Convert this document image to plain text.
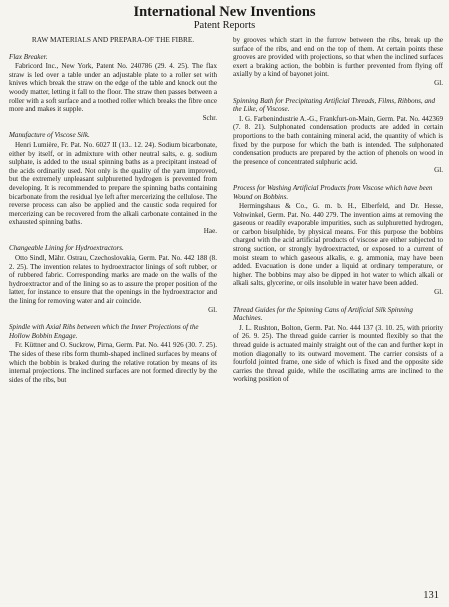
International New Inventions
Patent Reports
RAW MATERIALS AND PREPARA‐OF THE FIBRE.
Flax Breaker.

Fabricord Inc., New York, Patent No. 240786 (29. 4. 25). The flax straw is led over a table under an adjustable plate to a roller set with knives which break the straw on the edge of the table and knock out the woody matter, letting it fall to the floor. The straw then passes between a roller with a soft surface and a toothed roller which breaks the fibre once more and makes it supple.
Schr.

Manufacture of Viscose Silk.

Henri Lumière, Fr. Pat. No. 6027 II (13.. 12. 24). Sodium bicarbonate, either by itself, or in admixture with other neutral salts, e. g. sodium sulphate, is added to the usual spinning baths as a precipitant instead of the acids ordinarily used. Not only is the quality of the yarn improved, but the extremely unpleasant sulphuretted hydrogen is prevented from developing. It is recommended to prepare the spinning baths containing bicarbonate from the residual lye left after mercerizing the cellulose. The reverse process can also be applied and the caustic soda required for mercerizing can be recovered from the alkali carbonate contained in the exhausted spinning baths.
Hae.

Changeable Lining for Hydroextractors.

Otto Sindl, Mähr. Ostrau, Czechoslovakia, Germ. Pat. No. 442 188 (8. 2. 25). The invention relates to hydroextractor linings of soft rubber, or of rubbered fabric. Corresponding marks are made on the walls of the hydroextractor and of the lining so as to assure the proper position of the latter, for instance to ensure that the openings in the hydroextractor and the lining for removing water and air coincide.
Gl.

Spindle with Axial Ribs between which the Inner Projections of the Hollow Bobbin Engage.

Fr. Küttner and O. Suckrow, Pirna, Germ. Pat. No. 441 926 (30. 7. 25). The sides of these ribs form thumb-shaped inclined surfaces by means of which the bobbin is braked during the relative rotation by means of its internal projections. The inclined surfaces are not formed directly by the sides of the ribs, but

by grooves which start in the furrow between the ribs, break up the surface of the ribs, and end on the top of them. At certain points these grooves are provided with projections, so that when the inclined surfaces exert a braking action, the bobbin is further prevented from flying off axially by a kind of bayonet joint.
Gl.

Spinning Bath for Precipitating Artificial Threads, Films, Ribbons, and the Like, of Viscose.

I. G. Farbenindustrie A.-G., Frankfurt-on-Main, Germ. Pat. No. 442369 (7. 8. 21). Sulphonated condensation products are added in certain proportions to the bath containing mineral acid, the quantity of which is fixed by the purpose for which the bath is intended. The sulphonated condensation products are prepared by the action of phenols on wood in the presence of concentrated sulphuric acid.
Gl.

Process for Washing Artificial Products from Viscose which have been Wound on Bobbins.

Hermingshaus & Co., G. m. b. H., Elberfeld, and Dr. Hesse, Vohwinkel, Germ. Pat. No. 440 279. The invention aims at removing the gaseous or readily evaporable impurities, such as sulphuretted hydrogen, or carbon bisulphide, by physical means. For this purpose the bobbins charged with the acid artificial products of viscose are either subjected to strong suction, or strongly hydroextracted, or exposed to a current of moist steam to which gaseous alkalis, e. g. ammonia, may have been added. Evacuation is done under a liquid at ordinary temperature, or higher. The bobbins may also be dipped in hot water to which alkali or alkali salts, glycerine, or oils insoluble in water have been added.
Gl.

Thread Guides for the Spinning Cans of Artificial Silk Spinning Machines.

J. L. Rushton, Bolton, Germ. Pat. No. 444 137 (3. 10. 25, with priority of 26. 9. 25). The thread guide carrier is mounted flexibly so that the thread guide is actuated mainly straight out of the can and further kept in motion diagonally to its outward movement. The carrier consists of a fourfold jointed frame, one side of which is fixed and the opposite side carries the thread guide, while the oscillating arms are inclined to the working position of

131
